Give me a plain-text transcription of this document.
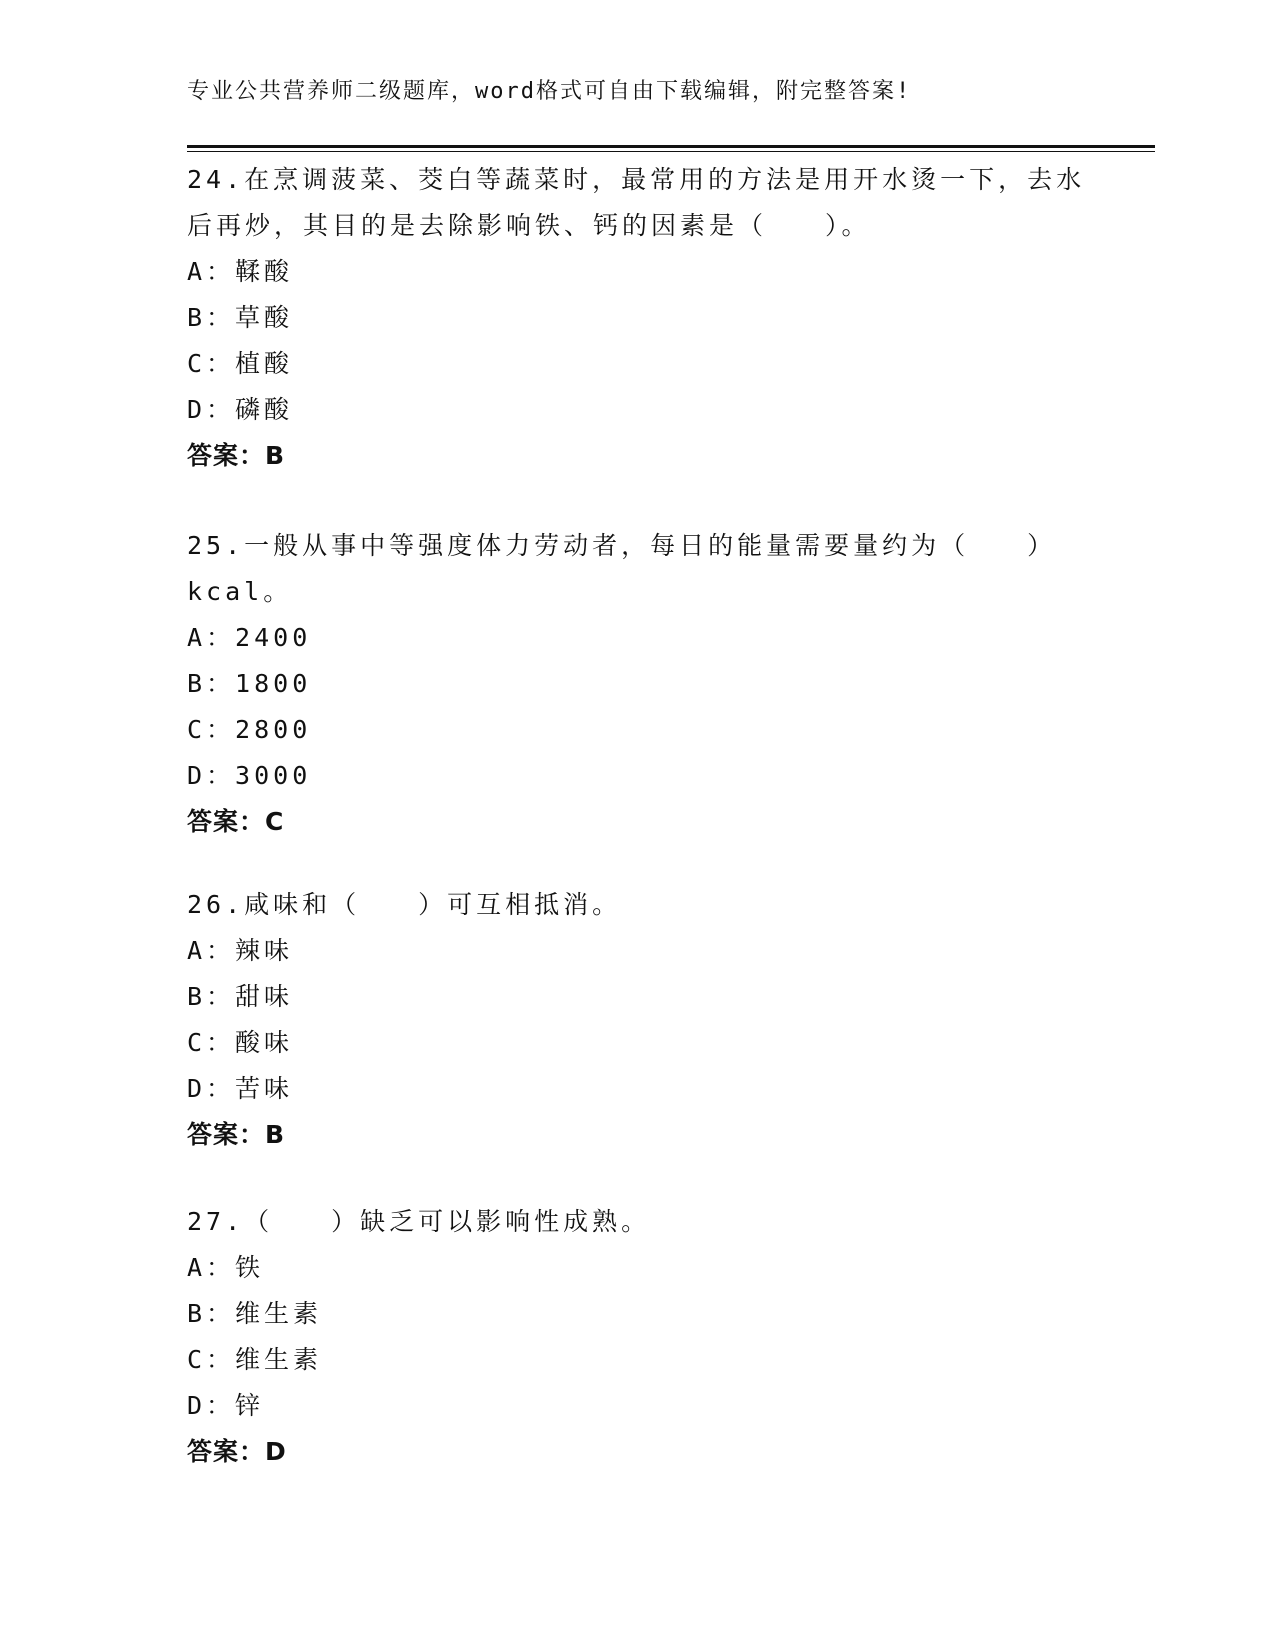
专业公共营养师二级题库，word格式可自由下载编辑，附完整答案!
24.在烹调菠菜、茭白等蔬菜时，最常用的方法是用开水烫一下，去水
后再炒，其目的是去除影响铁、钙的因素是（　　）。
A：鞣酸
B：草酸
C：植酸
D：磷酸
答案：B
25.一般从事中等强度体力劳动者，每日的能量需要量约为（　　）
kcal。
A：2400
B：1800
C：2800
D：3000
答案：C
26.咸味和（　　）可互相抵消。
A：辣味
B：甜味
C：酸味
D：苦味
答案：B
27.（　　）缺乏可以影响性成熟。
A：铁
B：维生素
C：维生素
D：锌
答案：D
